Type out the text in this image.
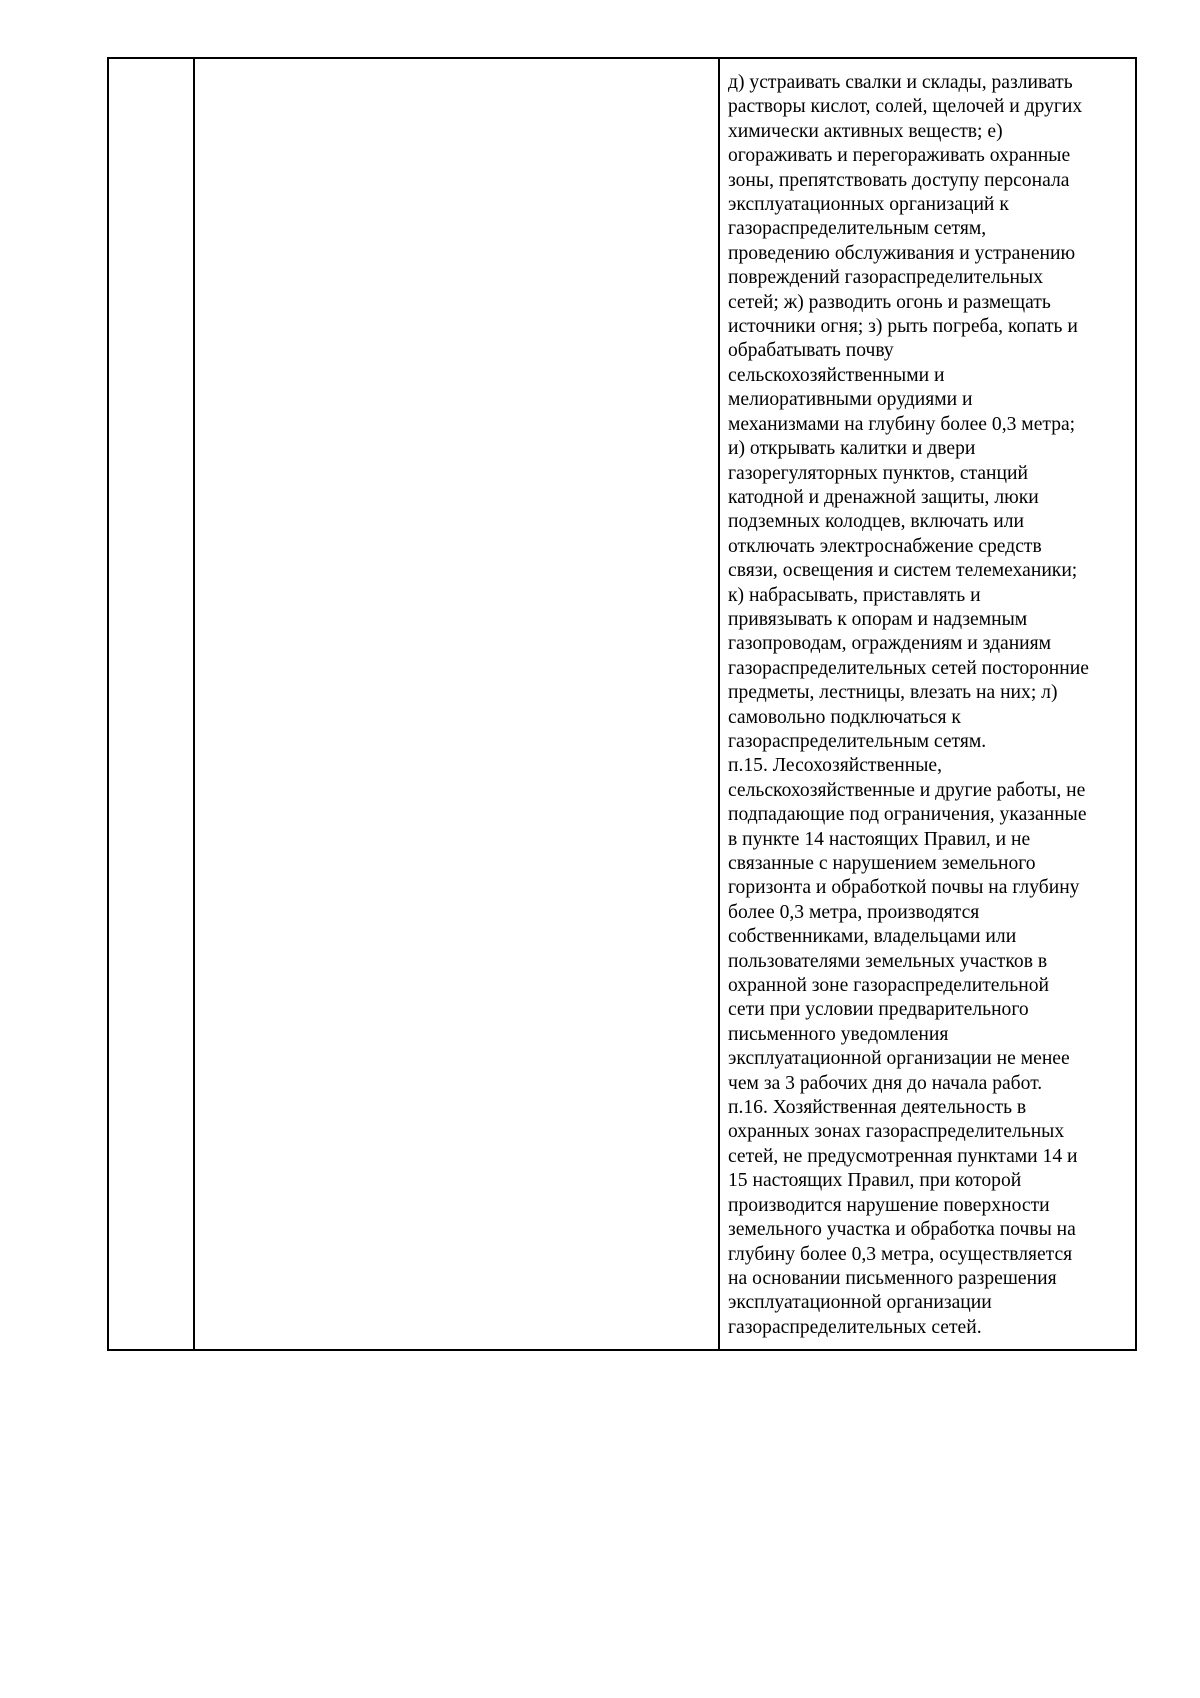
д) устраивать свалки и склады, разливать
растворы кислот, солей, щелочей и других
химически активных веществ; е)
огораживать и перегораживать охранные
зоны, препятствовать доступу персонала
эксплуатационных организаций к
газораспределительным сетям,
проведению обслуживания и устранению
повреждений газораспределительных
сетей; ж) разводить огонь и размещать
источники огня; з) рыть погреба, копать и
обрабатывать почву
сельскохозяйственными и
мелиоративными орудиями и
механизмами на глубину более 0,3 метра;
и) открывать калитки и двери
газорегуляторных пунктов, станций
катодной и дренажной защиты, люки
подземных колодцев, включать или
отключать электроснабжение средств
связи, освещения и систем телемеханики;
к) набрасывать, приставлять и
привязывать к опорам и надземным
газопроводам, ограждениям и зданиям
газораспределительных сетей посторонние
предметы, лестницы, влезать на них; л)
самовольно подключаться к
газораспределительным сетям.
п.15. Лесохозяйственные,
сельскохозяйственные и другие работы, не
подпадающие под ограничения, указанные
в пункте 14 настоящих Правил, и не
связанные с нарушением земельного
горизонта и обработкой почвы на глубину
более 0,3 метра, производятся
собственниками, владельцами или
пользователями земельных участков в
охранной зоне газораспределительной
сети при условии предварительного
письменного уведомления
эксплуатационной организации не менее
чем за 3 рабочих дня до начала работ.
п.16. Хозяйственная деятельность в
охранных зонах газораспределительных
сетей, не предусмотренная пунктами 14 и
15 настоящих Правил, при которой
производится нарушение поверхности
земельного участка и обработка почвы на
глубину более 0,3 метра, осуществляется
на основании письменного разрешения
эксплуатационной организации
газораспределительных сетей.
